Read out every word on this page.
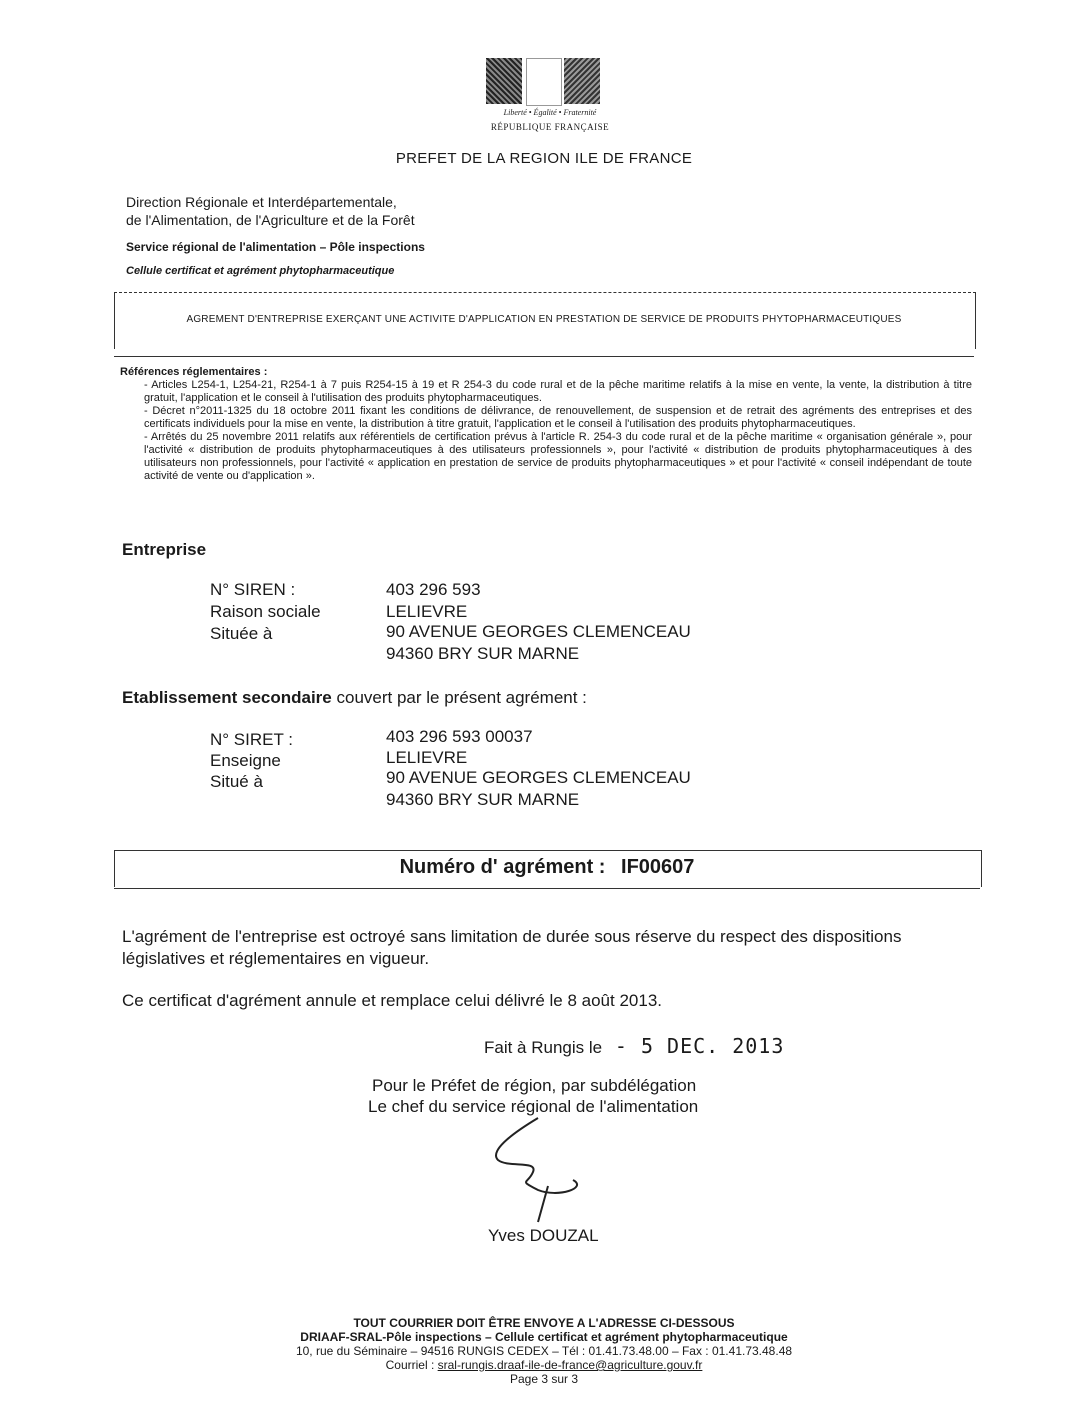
Liberté • Égalité • Fraternité
RÉPUBLIQUE FRANÇAISE
PREFET DE LA REGION ILE DE FRANCE
Direction Régionale et Interdépartementale,
de l'Alimentation, de l'Agriculture et de la Forêt
Service régional de l'alimentation – Pôle inspections
Cellule certificat et agrément phytopharmaceutique
AGREMENT D'ENTREPRISE EXERÇANT UNE ACTIVITE D'APPLICATION EN PRESTATION DE SERVICE DE PRODUITS PHYTOPHARMACEUTIQUES

Références réglementaires :

- Articles L254-1, L254-21, R254-1 à 7 puis R254-15 à 19 et R 254-3 du code rural et de la pêche maritime relatifs à la mise en vente, la vente, la distribution à titre gratuit, l'application et le conseil à l'utilisation des produits phytopharmaceutiques.

- Décret n°2011-1325 du 18 octobre 2011 fixant les conditions de délivrance, de renouvellement, de suspension et de retrait des agréments des entreprises et des certificats individuels pour la mise en vente, la distribution à titre gratuit, l'application et le conseil à l'utilisation des produits phytopharmaceutiques.

- Arrêtés du 25 novembre 2011 relatifs aux référentiels de certification prévus à l'article R. 254-3 du code rural et de la pêche maritime « organisation générale », pour l'activité « distribution de produits phytopharmaceutiques à des utilisateurs professionnels », pour l'activité « distribution de produits phytopharmaceutiques à des utilisateurs non professionnels, pour l'activité « application en prestation de service de produits phytopharmaceutiques » et pour l'activité « conseil indépendant de toute activité de vente ou d'application ».

Entreprise
N° SIREN :	403 296 593
Raison sociale	LELIEVRE
Située à	90 AVENUE GEORGES CLEMENCEAU
94360 BRY SUR MARNE
Etablissement secondaire couvert par le présent agrément :
N° SIRET :	403 296 593 00037
Enseigne	LELIEVRE
Situé à	90 AVENUE GEORGES CLEMENCEAU
94360 BRY SUR MARNE
Numéro d' agrément : IF00607
L'agrément de l'entreprise est octroyé sans limitation de durée sous réserve du respect des dispositions législatives et réglementaires en vigueur.
Ce certificat d'agrément annule et remplace celui délivré le 8 août 2013.
Fait à Rungis le - 5 DEC. 2013
Pour le Préfet de région, par subdélégation
Le chef du service régional de l'alimentation
Yves DOUZAL
TOUT COURRIER DOIT ÊTRE ENVOYE A L'ADRESSE CI-DESSOUS
DRIAAF-SRAL-Pôle inspections – Cellule certificat et agrément phytopharmaceutique
10, rue du Séminaire – 94516 RUNGIS CEDEX – Tél : 01.41.73.48.00 – Fax : 01.41.73.48.48
Courriel : sral-rungis.draaf-ile-de-france@agriculture.gouv.fr
Page 3 sur 3
